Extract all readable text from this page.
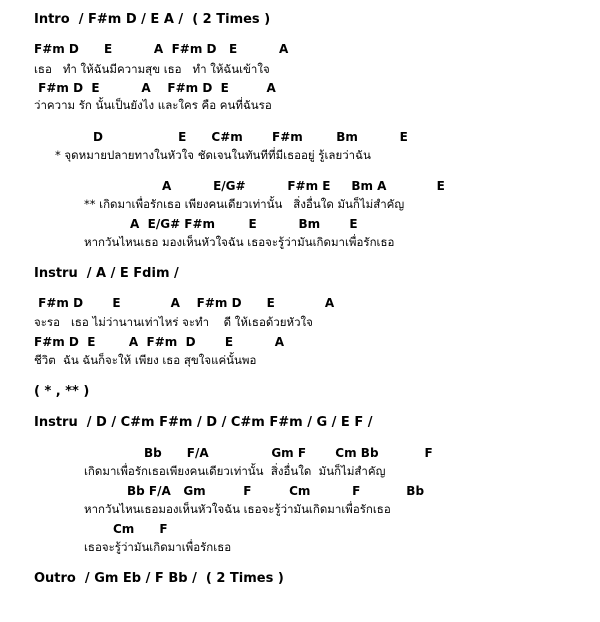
Intro  / F#m D / E A /  ( 2 Times )
F#m D      E          A  F#m D   E          A
เธอ   ทำ ให้ฉันมีความสุข เธอ   ทำ ให้ฉันเข้าใจ
F#m D  E          A    F#m D  E         A
ว่าความ รัก นั้นเป็นยังไง และใคร คือ คนที่ฉันรอ
D                  E      C#m       F#m        Bm          E
* จุดหมายปลายทางในหัวใจ ชัดเจนในทันทีที่มีเธออยู่ รู้เลยว่าฉัน
A          E/G#          F#m E     Bm A            E
** เกิดมาเพื่อรักเธอ เพียงคนเดียวเท่านั้น   สิ่งอื่นใด มันก็ไม่สำคัญ
A  E/G# F#m        E          Bm       E
หากวันไหนเธอ มองเห็นหัวใจฉัน เธอจะรู้ว่ามันเกิดมาเพื่อรักเธอ
Instru  / A / E Fdim /
F#m D       E            A    F#m D      E            A
จะรอ   เธอ ไม่ว่านานเท่าไหร่ จะทำ    ดี ให้เธอด้วยหัวใจ
F#m D  E        A  F#m  D       E          A
ชีวิต  ฉัน ฉันก็จะให้ เพียง เธอ สุขใจแค่นั้นพอ
( * , ** )
Instru  / D / C#m F#m / D / C#m F#m / G / E F /
Bb      F/A               Gm F       Cm Bb           F
เกิดมาเพื่อรักเธอเพียงคนเดียวเท่านั้น  สิ่งอื่นใด  มันก็ไม่สำคัญ
Bb F/A   Gm         F         Cm          F           Bb
หากวันไหนเธอมองเห็นหัวใจฉัน เธอจะรู้ว่ามันเกิดมาเพื่อรักเธอ
Cm      F
เธอจะรู้ว่ามันเกิดมาเพื่อรักเธอ
Outro  / Gm Eb / F Bb /  ( 2 Times )
